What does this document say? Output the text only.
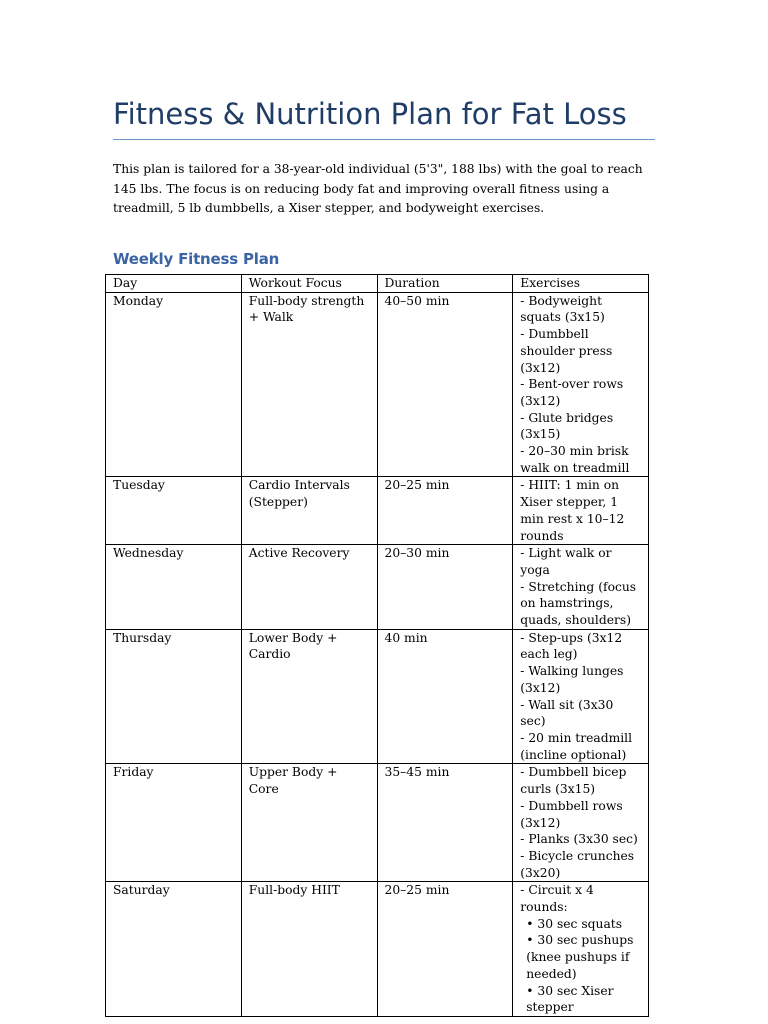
Fitness & Nutrition Plan for Fat Loss

This plan is tailored for a 38-year-old individual (5'3", 188 lbs) with the goal to reach 145 lbs. The focus is on reducing body fat and improving overall fitness using a treadmill, 5 lb dumbbells, a Xiser stepper, and bodyweight exercises.

Weekly Fitness Plan
Day	Workout Focus	Duration	Exercises
Monday	Full-body strength + Walk	40–50 min	- Bodyweight squats (3x15)
- Dumbbell shoulder press (3x12)
- Bent-over rows (3x12)
- Glute bridges (3x15)
- 20–30 min brisk walk on treadmill

Tuesday	Cardio Intervals (Stepper)	20–25 min	- HIIT: 1 min on Xiser stepper, 1 min rest x 10–12 rounds

Wednesday	Active Recovery	20–30 min	- Light walk or yoga
- Stretching (focus on hamstrings, quads, shoulders)

Thursday	Lower Body + Cardio	40 min	- Step-ups (3x12 each leg)
- Walking lunges (3x12)
- Wall sit (3x30 sec)
- 20 min treadmill (incline optional)

Friday	Upper Body + Core	35–45 min	- Dumbbell bicep curls (3x15)
- Dumbbell rows (3x12)
- Planks (3x30 sec)
- Bicycle crunches (3x20)

Saturday	Full-body HIIT	20–25 min	- Circuit x 4 rounds:
• 30 sec squats
• 30 sec pushups (knee pushups if needed)
• 30 sec Xiser stepper
